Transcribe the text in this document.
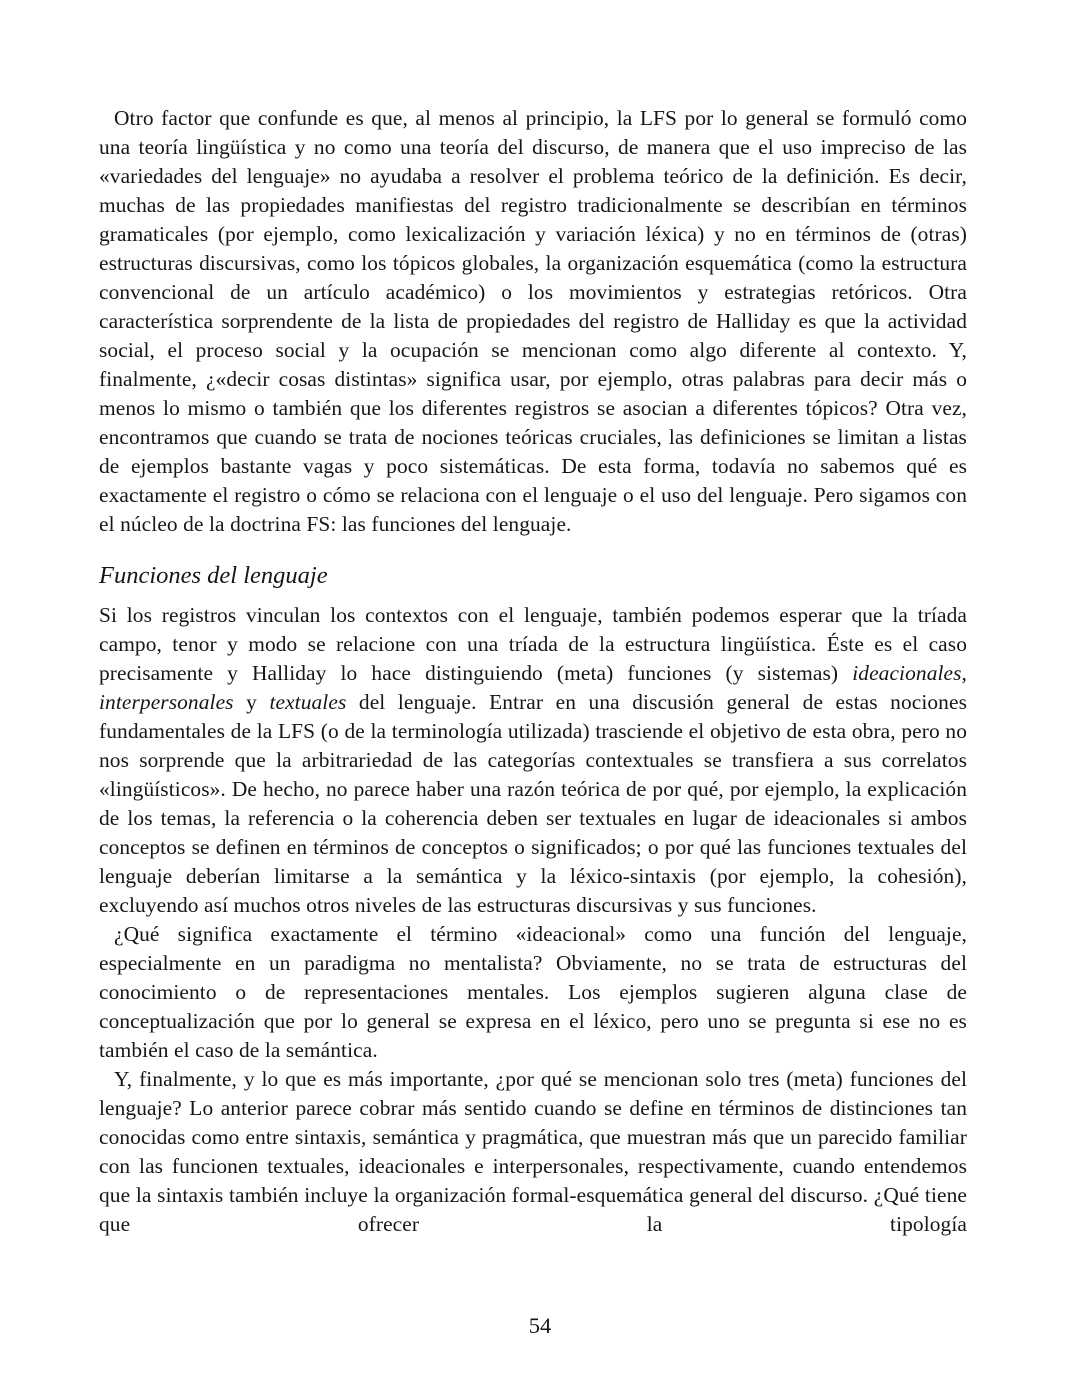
Otro factor que confunde es que, al menos al principio, la LFS por lo general se formuló como una teoría lingüística y no como una teoría del discurso, de manera que el uso impreciso de las «variedades del lenguaje» no ayudaba a resolver el problema teórico de la definición. Es decir, muchas de las propiedades manifiestas del registro tradicionalmente se describían en términos gramaticales (por ejemplo, como lexicalización y variación léxica) y no en términos de (otras) estructuras discursivas, como los tópicos globales, la organización esquemática (como la estructura convencional de un artículo académico) o los movimientos y estrategias retóricos. Otra característica sorprendente de la lista de propiedades del registro de Halliday es que la actividad social, el proceso social y la ocupación se mencionan como algo diferente al contexto. Y, finalmente, ¿«decir cosas distintas» significa usar, por ejemplo, otras palabras para decir más o menos lo mismo o también que los diferentes registros se asocian a diferentes tópicos? Otra vez, encontramos que cuando se trata de nociones teóricas cruciales, las definiciones se limitan a listas de ejemplos bastante vagas y poco sistemáticas. De esta forma, todavía no sabemos qué es exactamente el registro o cómo se relaciona con el lenguaje o el uso del lenguaje. Pero sigamos con el núcleo de la doctrina FS: las funciones del lenguaje.

Funciones del lenguaje

Si los registros vinculan los contextos con el lenguaje, también podemos esperar que la tríada campo, tenor y modo se relacione con una tríada de la estructura lingüística. Éste es el caso precisamente y Halliday lo hace distinguiendo (meta) funciones (y sistemas) ideacionales, interpersonales y textuales del lenguaje. Entrar en una discusión general de estas nociones fundamentales de la LFS (o de la terminología utilizada) trasciende el objetivo de esta obra, pero no nos sorprende que la arbitrariedad de las categorías contextuales se transfiera a sus correlatos «lingüísticos». De hecho, no parece haber una razón teórica de por qué, por ejemplo, la explicación de los temas, la referencia o la coherencia deben ser textuales en lugar de ideacionales si ambos conceptos se definen en términos de conceptos o significados; o por qué las funciones textuales del lenguaje deberían limitarse a la semántica y la léxico-sintaxis (por ejemplo, la cohesión), excluyendo así muchos otros niveles de las estructuras discursivas y sus funciones.

¿Qué significa exactamente el término «ideacional» como una función del lenguaje, especialmente en un paradigma no mentalista? Obviamente, no se trata de estructuras del conocimiento o de representaciones mentales. Los ejemplos sugieren alguna clase de conceptualización que por lo general se expresa en el léxico, pero uno se pregunta si ese no es también el caso de la semántica.

Y, finalmente, y lo que es más importante, ¿por qué se mencionan solo tres (meta) funciones del lenguaje? Lo anterior parece cobrar más sentido cuando se define en términos de distinciones tan conocidas como entre sintaxis, semántica y pragmática, que muestran más que un parecido familiar con las funcionen textuales, ideacionales e interpersonales, respectivamente, cuando entendemos que la sintaxis también incluye la organización formal-esquemática general del discurso. ¿Qué tiene que ofrecer la tipología

54
